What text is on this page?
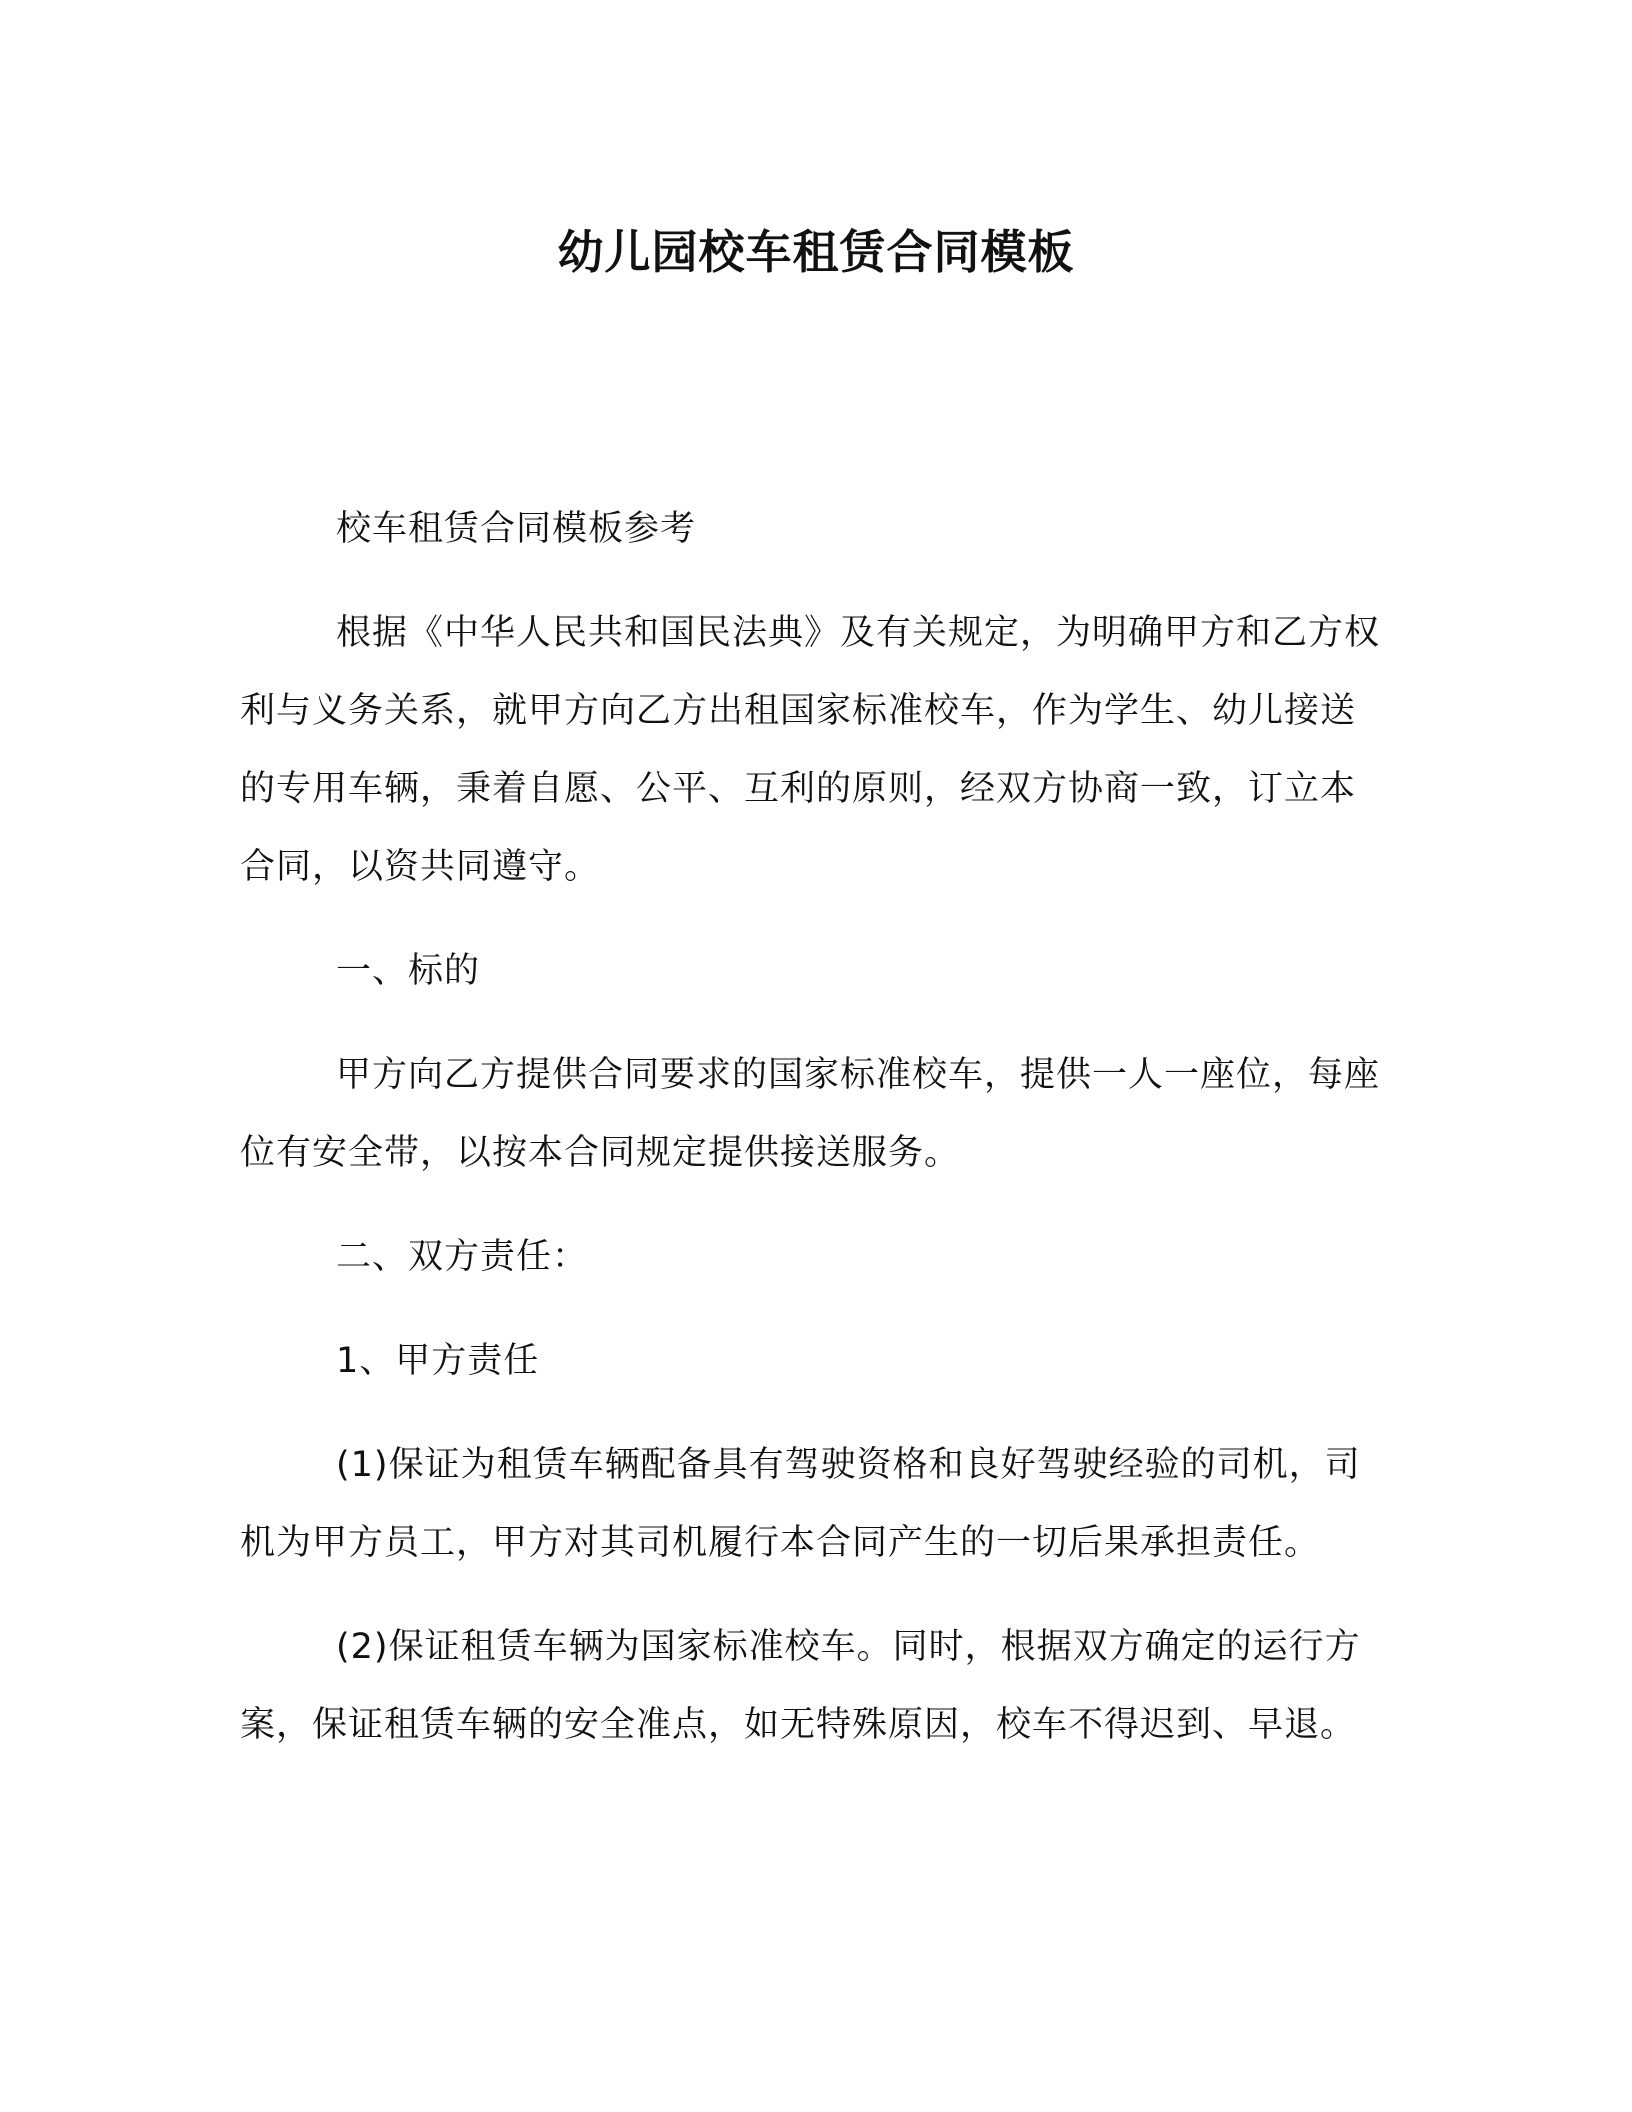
幼儿园校车租赁合同模板

校车租赁合同模板参考

根据《中华人民共和国民法典》及有关规定，为明确甲方和乙方权利与义务关系，就甲方向乙方出租国家标准校车，作为学生、幼儿接送的专用车辆，秉着自愿、公平、互利的原则，经双方协商一致，订立本合同，以资共同遵守。

一、标的

甲方向乙方提供合同要求的国家标准校车，提供一人一座位，每座位有安全带，以按本合同规定提供接送服务。

二、双方责任：

1、甲方责任

(1)保证为租赁车辆配备具有驾驶资格和良好驾驶经验的司机，司机为甲方员工，甲方对其司机履行本合同产生的一切后果承担责任。

(2)保证租赁车辆为国家标准校车。同时，根据双方确定的运行方案，保证租赁车辆的安全准点，如无特殊原因，校车不得迟到、早退。
